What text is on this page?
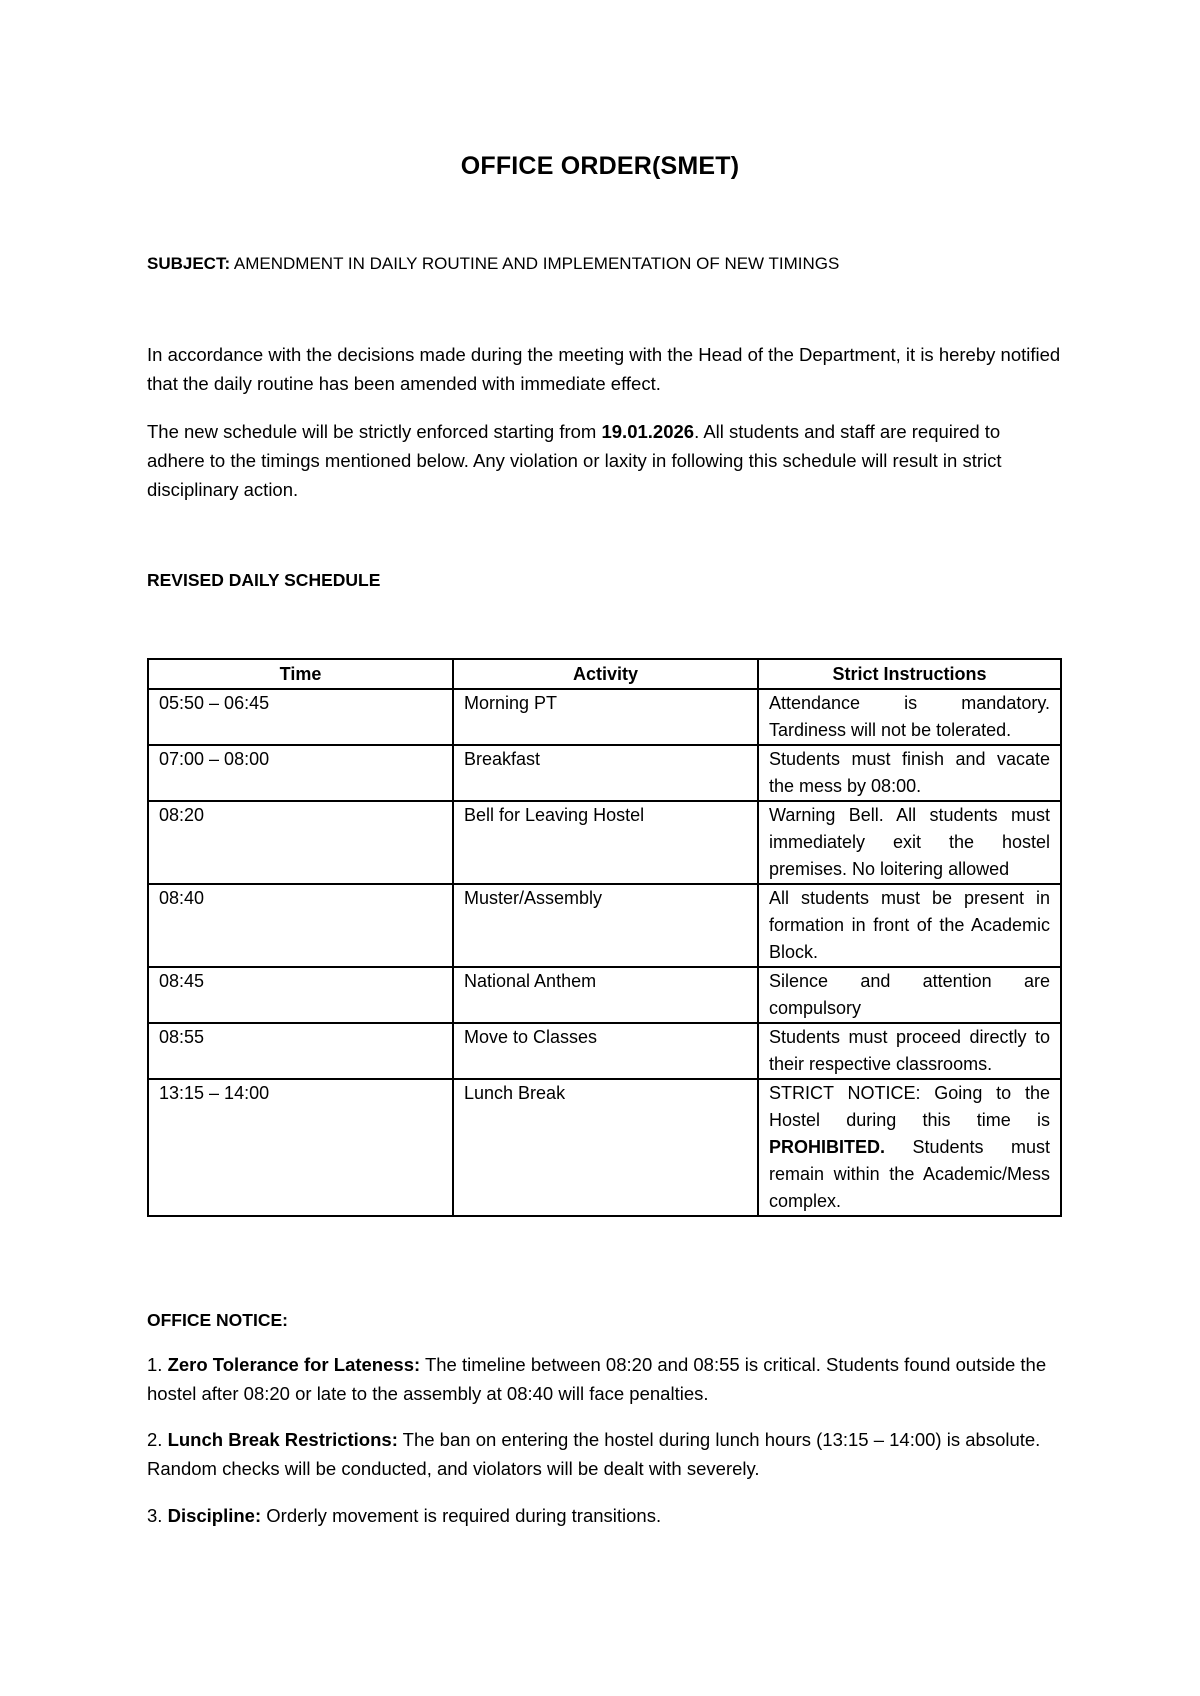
OFFICE ORDER(SMET)
SUBJECT: AMENDMENT IN DAILY ROUTINE AND IMPLEMENTATION OF NEW TIMINGS
In accordance with the decisions made during the meeting with the Head of the Department, it is hereby notified that the daily routine has been amended with immediate effect.
The new schedule will be strictly enforced starting from 19.01.2026. All students and staff are required to adhere to the timings mentioned below. Any violation or laxity in following this schedule will result in strict disciplinary action.
REVISED DAILY SCHEDULE
Time	Activity	Strict Instructions
05:50 – 06:45	Morning PT	Attendance is mandatory. Tardiness will not be tolerated.
07:00 – 08:00	Breakfast	Students must finish and vacate the mess by 08:00.
08:20	Bell for Leaving Hostel	Warning Bell. All students must immediately exit the hostel premises. No loitering allowed
08:40	Muster/Assembly	All students must be present in formation in front of the Academic Block.
08:45	National Anthem	Silence and attention are compulsory
08:55	Move to Classes	Students must proceed directly to their respective classrooms.
13:15 – 14:00	Lunch Break	STRICT NOTICE: Going to the Hostel during this time is PROHIBITED. Students must remain within the Academic/Mess complex.
OFFICE NOTICE:
1. Zero Tolerance for Lateness: The timeline between 08:20 and 08:55 is critical. Students found outside the hostel after 08:20 or late to the assembly at 08:40 will face penalties.
2. Lunch Break Restrictions: The ban on entering the hostel during lunch hours (13:15 – 14:00) is absolute. Random checks will be conducted, and violators will be dealt with severely.
3. Discipline: Orderly movement is required during transitions.
